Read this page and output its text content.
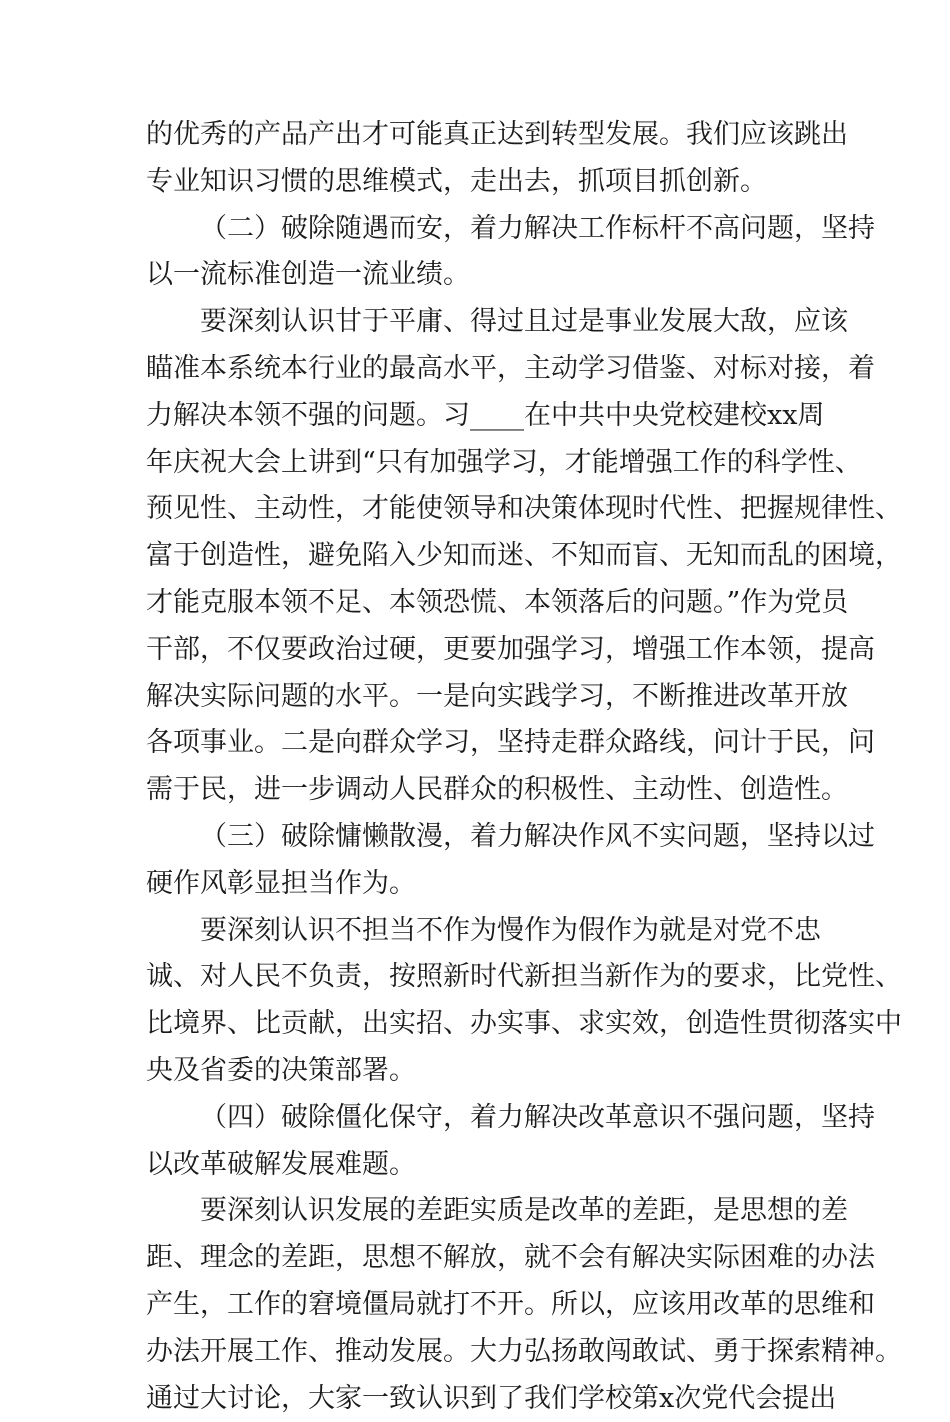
的优秀的产品产出才可能真正达到转型发展。我们应该跳出
专业知识习惯的思维模式，走出去，抓项目抓创新。
（二）破除随遇而安，着力解决工作标杆不高问题，坚持
以一流标准创造一流业绩。
要深刻认识甘于平庸、得过且过是事业发展大敌，应该
瞄准本系统本行业的最高水平，主动学习借鉴、对标对接，着
力解决本领不强的问题。习____在中共中央党校建校xx周
年庆祝大会上讲到“只有加强学习，才能增强工作的科学性、
预见性、主动性，才能使领导和决策体现时代性、把握规律性、
富于创造性，避免陷入少知而迷、不知而盲、无知而乱的困境，
才能克服本领不足、本领恐慌、本领落后的问题。”作为党员
干部，不仅要政治过硬，更要加强学习，增强工作本领，提高
解决实际问题的水平。一是向实践学习，不断推进改革开放
各项事业。二是向群众学习，坚持走群众路线，问计于民，问
需于民，进一步调动人民群众的积极性、主动性、创造性。
（三）破除慵懒散漫，着力解决作风不实问题，坚持以过
硬作风彰显担当作为。
要深刻认识不担当不作为慢作为假作为就是对党不忠
诚、对人民不负责，按照新时代新担当新作为的要求，比党性、
比境界、比贡献，出实招、办实事、求实效，创造性贯彻落实中
央及省委的决策部署。
（四）破除僵化保守，着力解决改革意识不强问题，坚持
以改革破解发展难题。
要深刻认识发展的差距实质是改革的差距，是思想的差
距、理念的差距，思想不解放，就不会有解决实际困难的办法
产生，工作的窘境僵局就打不开。所以，应该用改革的思维和
办法开展工作、推动发展。大力弘扬敢闯敢试、勇于探索精神。
通过大讨论，大家一致认识到了我们学校第x次党代会提出
